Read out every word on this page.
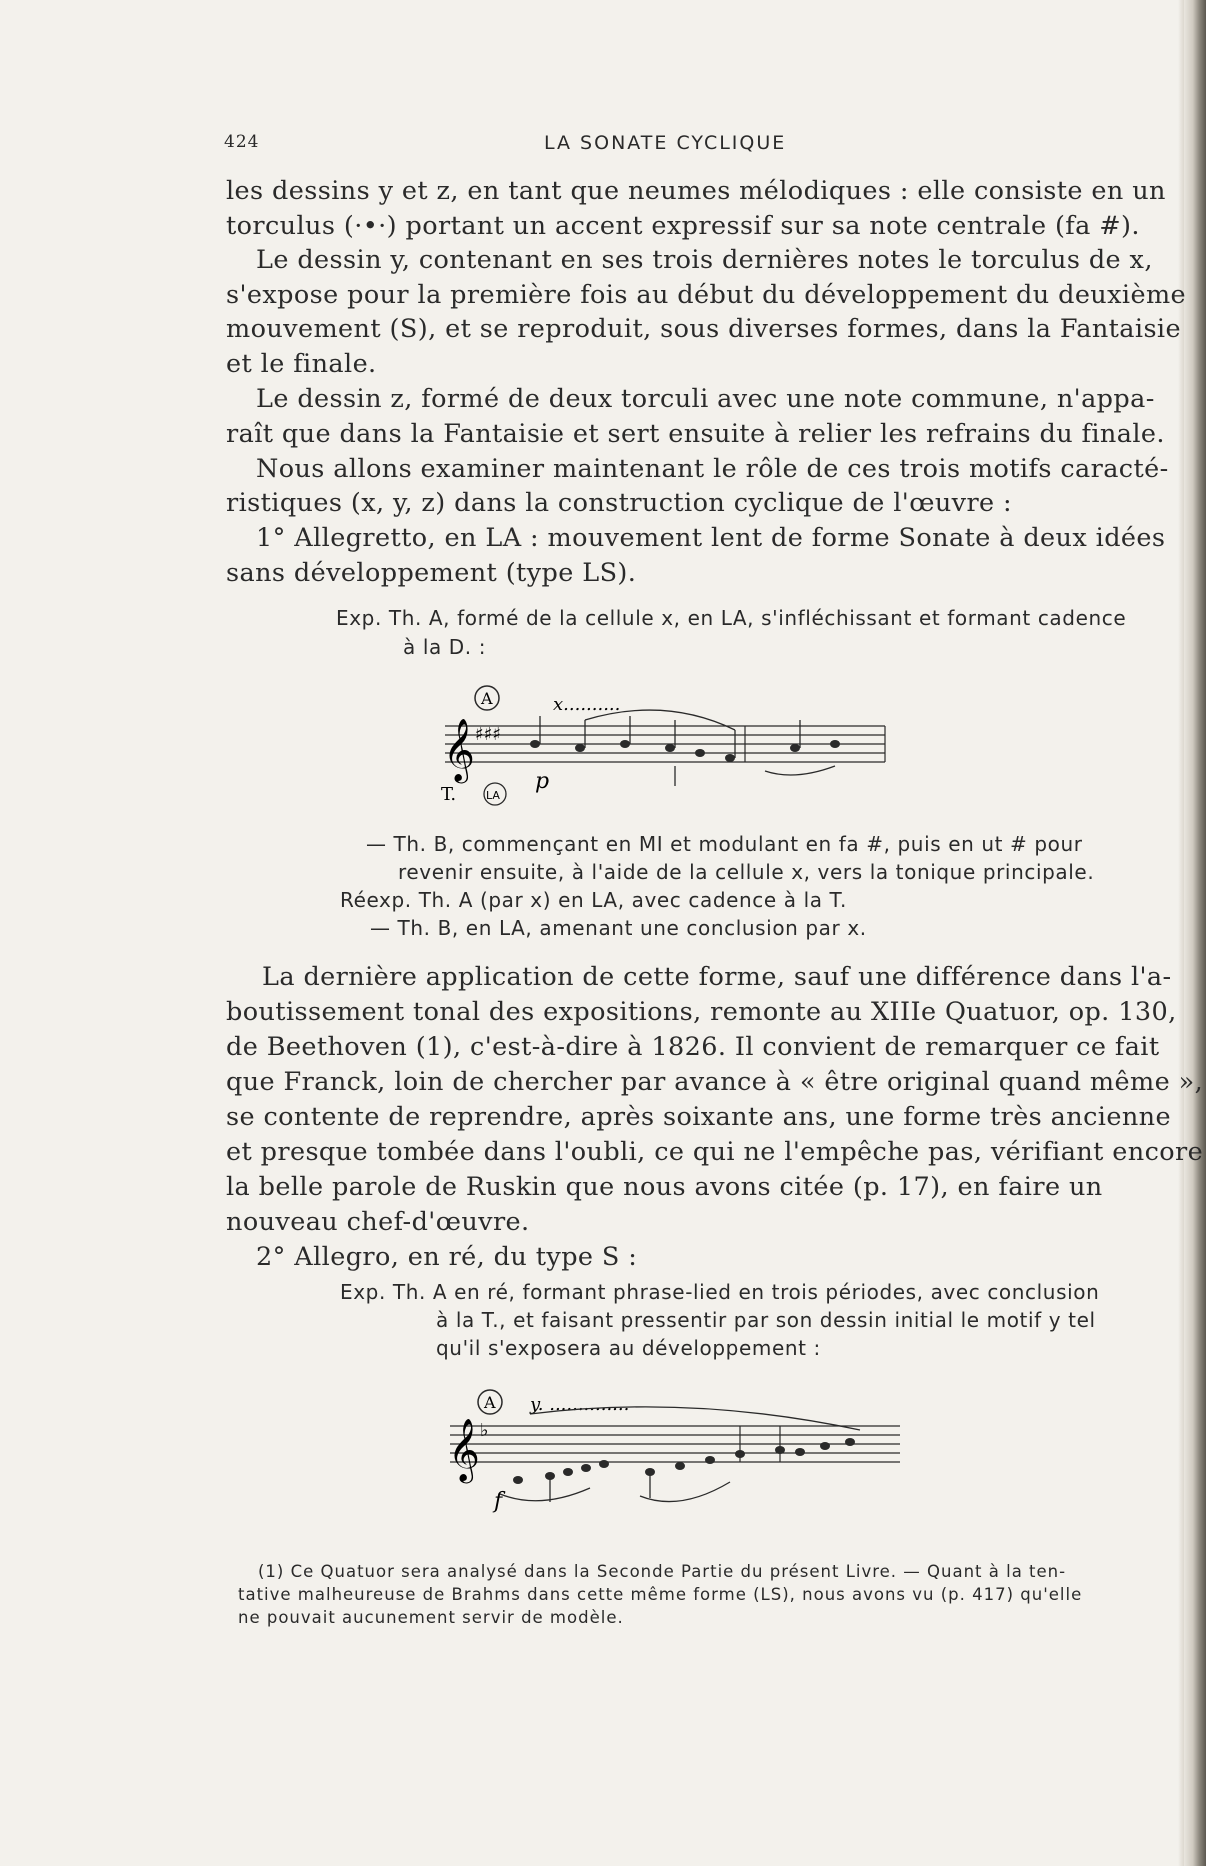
424	LA SONATE CYCLIQUE
les dessins y et z, en tant que neumes mélodiques : elle consiste en un
torculus (·•·) portant un accent expressif sur sa note centrale (fa #).
Le dessin y, contenant en ses trois dernières notes le torculus de x,
s'expose pour la première fois au début du développement du deuxième
mouvement (S), et se reproduit, sous diverses formes, dans la Fantaisie
et le finale.
Le dessin z, formé de deux torculi avec une note commune, n'appa-
raît que dans la Fantaisie et sert ensuite à relier les refrains du finale.
Nous allons examiner maintenant le rôle de ces trois motifs caracté-
ristiques (x, y, z) dans la construction cyclique de l'œuvre :
1° Allegretto, en LA : mouvement lent de forme Sonate à deux idées
sans développement (type LS).
Exp. Th. A, formé de la cellule x, en LA, s'infléchissant et formant cadence
à la D. :
A	x..........
𝄞 ♯♯♯
T.	LA
p
— Th. B, commençant en MI et modulant en fa #, puis en ut # pour
revenir ensuite, à l'aide de la cellule x, vers la tonique principale.
Réexp. Th. A (par x) en LA, avec cadence à la T.
— Th. B, en LA, amenant une conclusion par x.
La dernière application de cette forme, sauf une différence dans l'a-
boutissement tonal des expositions, remonte au XIIIe Quatuor, op. 130,
de Beethoven (1), c'est-à-dire à 1826. Il convient de remarquer ce fait
que Franck, loin de chercher par avance à « être original quand même »,
se contente de reprendre, après soixante ans, une forme très ancienne
et presque tombée dans l'oubli, ce qui ne l'empêche pas, vérifiant encore
la belle parole de Ruskin que nous avons citée (p. 17), en faire un
nouveau chef-d'œuvre.
2° Allegro, en ré, du type S :
Exp. Th. A en ré, formant phrase-lied en trois périodes, avec conclusion
à la T., et faisant pressentir par son dessin initial le motif y tel
qu'il s'exposera au développement :
A y. ..............
𝄞 ♭
f
(1) Ce Quatuor sera analysé dans la Seconde Partie du présent Livre. — Quant à la ten-
tative malheureuse de Brahms dans cette même forme (LS), nous avons vu (p. 417) qu'elle
ne pouvait aucunement servir de modèle.
